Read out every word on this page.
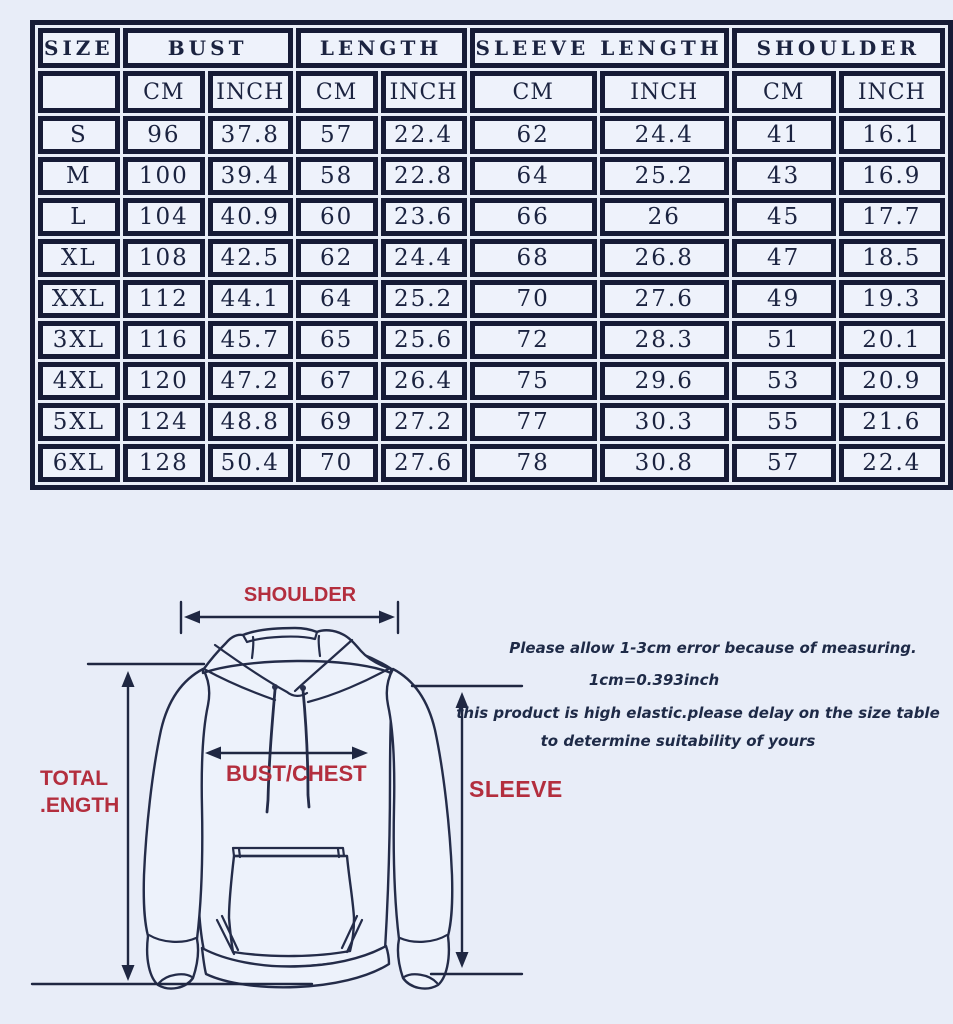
SIZE	BUST		LENGTH		SLEEVE LENGTH		SHOULDER	
	CM	INCH	CM	INCH	CM	INCH	CM	INCH
S	96	37.8	57	22.4	62	24.4	41	16.1
M	100	39.4	58	22.8	64	25.2	43	16.9
L	104	40.9	60	23.6	66	26	45	17.7
XL	108	42.5	62	24.4	68	26.8	47	18.5
XXL	112	44.1	64	25.2	70	27.6	49	19.3
3XL	116	45.7	65	25.6	72	28.3	51	20.1
4XL	120	47.2	67	26.4	75	29.6	53	20.9
5XL	124	48.8	69	27.2	77	30.3	55	21.6
6XL	128	50.4	70	27.6	78	30.8	57	22.4
SHOULDER
TOTAL
.ENGTH
BUST/CHEST
SLEEVE
Please allow 1-3cm error because of measuring.
1cm=0.393inch
this product is high elastic.please delay on the size table
to determine suitability of yours
